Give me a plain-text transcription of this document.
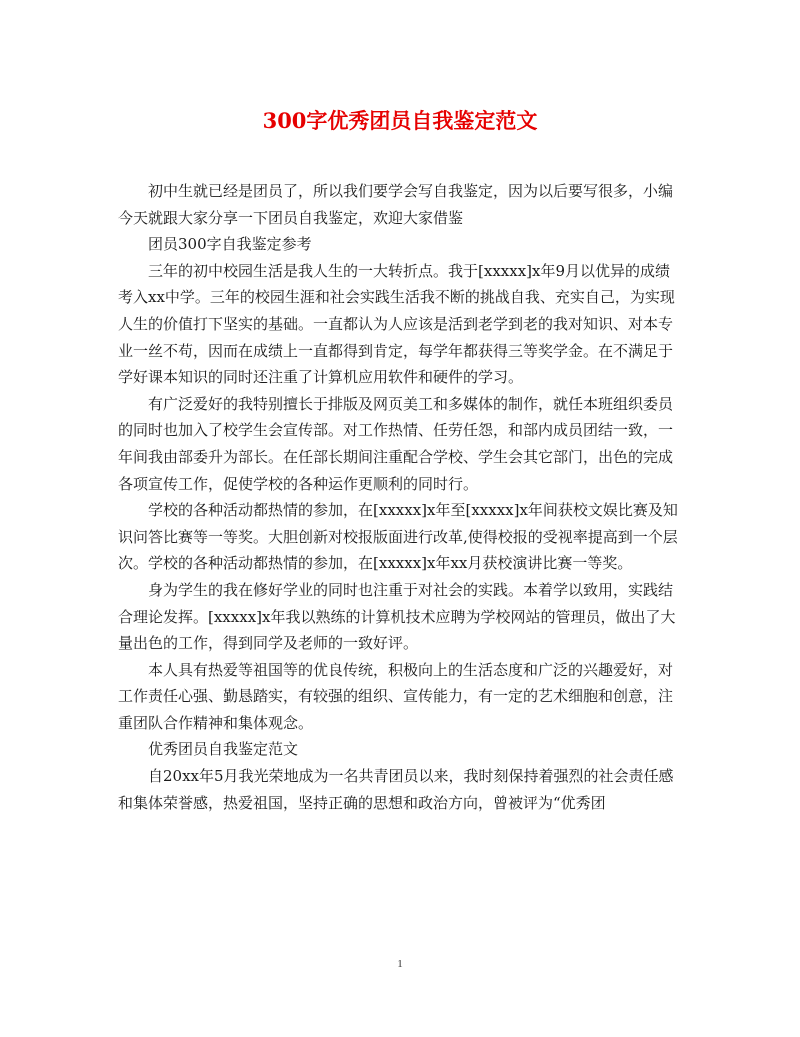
300字优秀团员自我鉴定范文

初中生就已经是团员了，所以我们要学会写自我鉴定，因为以后要写很多，小编今天就跟大家分享一下团员自我鉴定，欢迎大家借鉴

团员300字自我鉴定参考

三年的初中校园生活是我人生的一大转折点。我于[xxxxx]x年9月以优异的成绩考入xx中学。三年的校园生涯和社会实践生活我不断的挑战自我、充实自己，为实现人生的价值打下坚实的基础。一直都认为人应该是活到老学到老的我对知识、对本专业一丝不苟，因而在成绩上一直都得到肯定，每学年都获得三等奖学金。在不满足于学好课本知识的同时还注重了计算机应用软件和硬件的学习。

有广泛爱好的我特别擅长于排版及网页美工和多媒体的制作，就任本班组织委员的同时也加入了校学生会宣传部。对工作热情、任劳任怨，和部内成员团结一致，一年间我由部委升为部长。在任部长期间注重配合学校、学生会其它部门，出色的完成各项宣传工作，促使学校的各种运作更顺利的同时行。

学校的各种活动都热情的参加，在[xxxxx]x年至[xxxxx]x年间获校文娱比赛及知识问答比赛等一等奖。大胆创新对校报版面进行改革,使得校报的受视率提高到一个层次。学校的各种活动都热情的参加，在[xxxxx]x年xx月获校演讲比赛一等奖。

身为学生的我在修好学业的同时也注重于对社会的实践。本着学以致用，实践结合理论发挥。[xxxxx]x年我以熟练的计算机技术应聘为学校网站的管理员，做出了大量出色的工作，得到同学及老师的一致好评。

本人具有热爱等祖国等的优良传统，积极向上的生活态度和广泛的兴趣爱好，对工作责任心强、勤恳踏实，有较强的组织、宣传能力，有一定的艺术细胞和创意，注重团队合作精神和集体观念。

优秀团员自我鉴定范文

自20xx年5月我光荣地成为一名共青团员以来，我时刻保持着强烈的社会责任感和集体荣誉感，热爱祖国，坚持正确的思想和政治方向，曾被评为“优秀团

1
